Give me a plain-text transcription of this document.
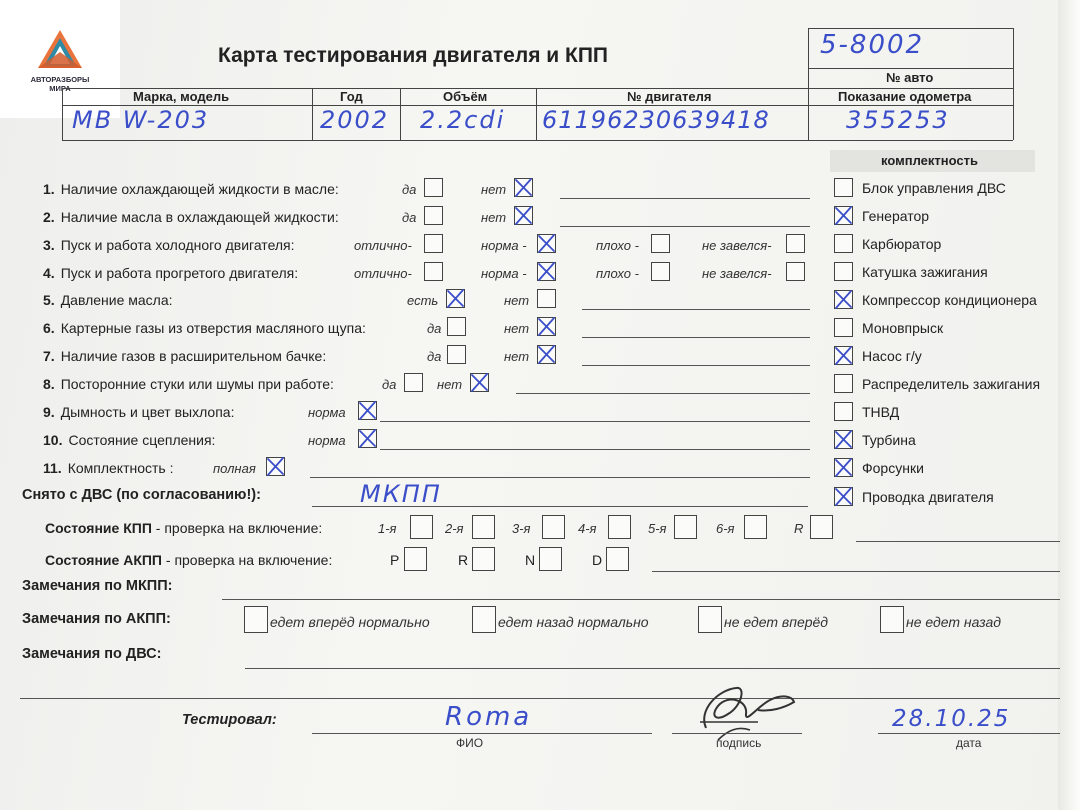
АВТОРАЗБОРЫ
МИРА
Карта тестирования двигателя и КПП	5-8002
№ авто
Марка, модель	Год	Объём	№ двигателя	Показание одометра
MB W-203	2002 2.2cdi 61196230639418	355253
комплектность
1. Наличие охлаждающей жидкости в масле:	да	нет
2. Наличие масла в охлаждающей жидкости:	да	нет
3. Пуск и работа холодного двигателя:	отлично-	норма -	плохо -	не завелся-
4. Пуск и работа прогретого двигателя:	отлично-	норма -	плохо -	не завелся-
5. Давление масла:	есть	нет
6. Картерные газы из отверстия масляного щупа:	да	нет
7. Наличие газов в расширительном бачке:	да	нет
8. Посторонние стуки или шумы при работе:	да	нет
9. Дымность и цвет выхлопа:	норма
10. Состояние сцепления:	норма
11. Комплектность :	полная
Блок управления ДВС
Генератор
Карбюратор
Катушка зажигания
Компрессор кондиционера
Моновпрыск
Насос г/у
Распределитель зажигания
ТНВД
Турбина
Форсунки
Проводка двигателя
Снято с ДВС (по согласованию!):	МКПП
Состояние КПП - проверка на включение:	1-я	2-я	3-я	4-я	5-я	6-я	R
Состояние АКПП - проверка на включение:	P	R	N	D
Замечания по МКПП:
Замечания по АКПП:	едет вперёд нормально	едет назад нормально	не едет вперёд	не едет назад
Замечания по ДВС:
Тестировал:	Roma
ФИО	подпись
28.10.25
дата
